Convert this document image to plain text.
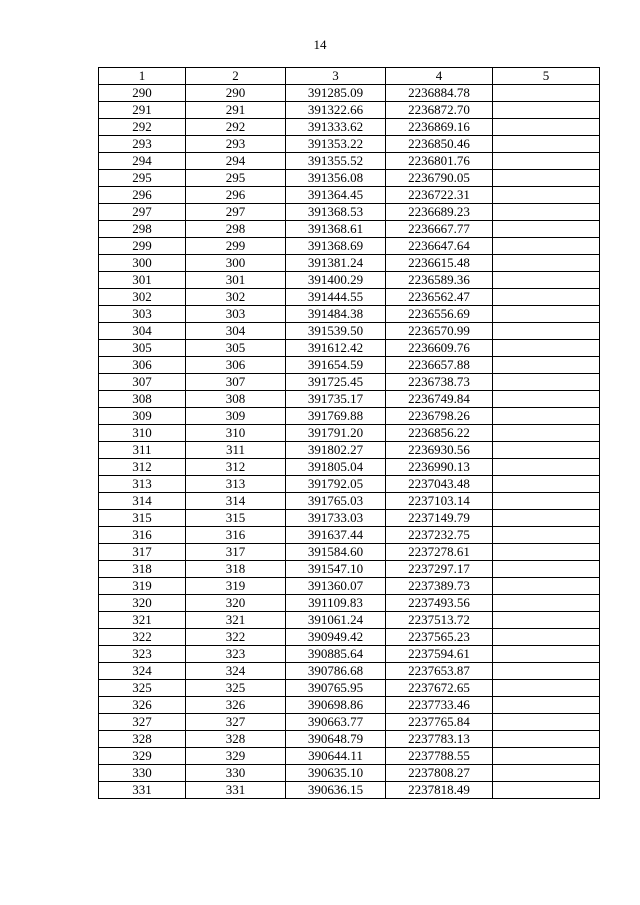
14
1	2	3	4	5
290	290	391285.09	2236884.78	
291	291	391322.66	2236872.70	
292	292	391333.62	2236869.16	
293	293	391353.22	2236850.46	
294	294	391355.52	2236801.76	
295	295	391356.08	2236790.05	
296	296	391364.45	2236722.31	
297	297	391368.53	2236689.23	
298	298	391368.61	2236667.77	
299	299	391368.69	2236647.64	
300	300	391381.24	2236615.48	
301	301	391400.29	2236589.36	
302	302	391444.55	2236562.47	
303	303	391484.38	2236556.69	
304	304	391539.50	2236570.99	
305	305	391612.42	2236609.76	
306	306	391654.59	2236657.88	
307	307	391725.45	2236738.73	
308	308	391735.17	2236749.84	
309	309	391769.88	2236798.26	
310	310	391791.20	2236856.22	
311	311	391802.27	2236930.56	
312	312	391805.04	2236990.13	
313	313	391792.05	2237043.48	
314	314	391765.03	2237103.14	
315	315	391733.03	2237149.79	
316	316	391637.44	2237232.75	
317	317	391584.60	2237278.61	
318	318	391547.10	2237297.17	
319	319	391360.07	2237389.73	
320	320	391109.83	2237493.56	
321	321	391061.24	2237513.72	
322	322	390949.42	2237565.23	
323	323	390885.64	2237594.61	
324	324	390786.68	2237653.87	
325	325	390765.95	2237672.65	
326	326	390698.86	2237733.46	
327	327	390663.77	2237765.84	
328	328	390648.79	2237783.13	
329	329	390644.11	2237788.55	
330	330	390635.10	2237808.27	
331	331	390636.15	2237818.49	
